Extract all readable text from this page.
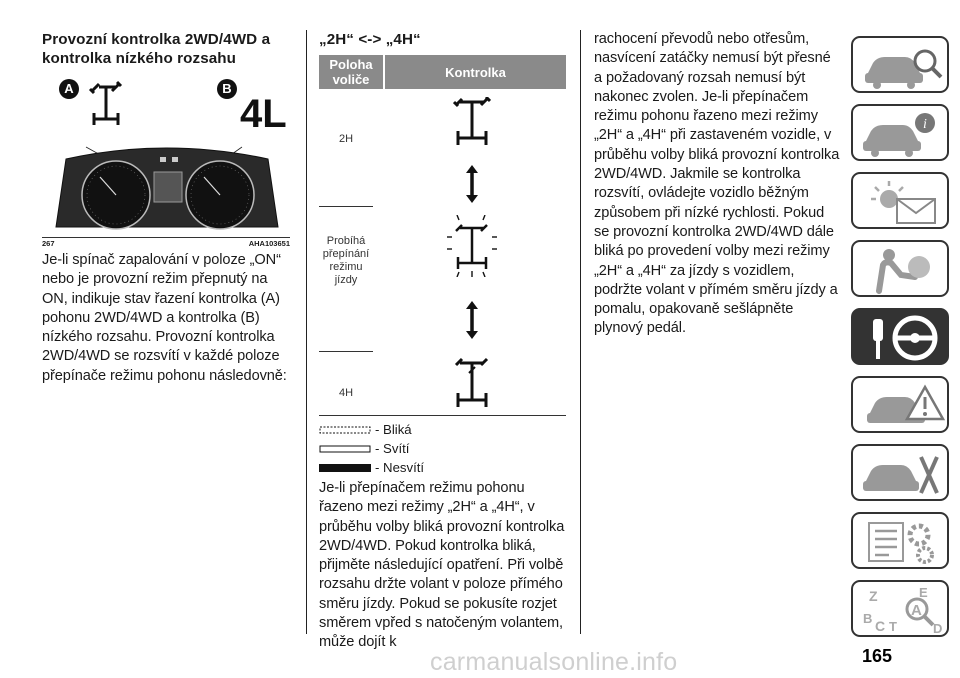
Provozní kontrolka 2WD/4WD a kontrolka nízkého rozsahu
4L
A	B
267	AHA103651

Je-li spínač zapalování v poloze „ON“ nebo je provozní režim přepnutý na ON, indikuje stav řazení kontrolka (A) pohonu 2WD/4WD a kontrolka (B) nízkého rozsahu. Provozní kontrolka 2WD/4WD se rozsvítí v každé poloze přepínače režimu pohonu následovně:

„2H“ <-> „4H“
Poloha voliče	Kontrolka
2H
Probíhá přepínání režimu jízdy
4H
- Bliká
- Svítí
- Nesvítí

Je-li přepínačem režimu pohonu řazeno mezi režimy „2H“ a „4H“, v průběhu volby bliká provozní kontrolka 2WD/4WD. Pokud kontrolka bliká, přijměte následující opatření. Při volbě rozsahu držte volant v poloze přímého směru jízdy. Pokud se pokusíte rozjet směrem vpřed s natočeným volantem, může dojít k

rachocení převodů nebo otřesům, nasvícení zatáčky nemusí být přesné a požadovaný rozsah nemusí být nakonec zvolen. Je-li přepínačem režimu pohonu řazeno mezi režimy „2H“ a „4H“ při zastaveném vozidle, v průběhu volby bliká provozní kontrolka 2WD/4WD. Jakmile se kontrolka rozsvítí, ovládejte vozidlo běžným způsobem při nízké rychlosti. Pokud se provozní kontrolka 2WD/4WD dále bliká po provedení volby mezi režimy „2H“ a „4H“ za jízdy s vozidlem, podržte volant v přímém směru jízdy a pomalu, opakovaně sešlápněte plynový pedál.

i
Z	E
B	A
C T	D
carmanualsonline.info	165
